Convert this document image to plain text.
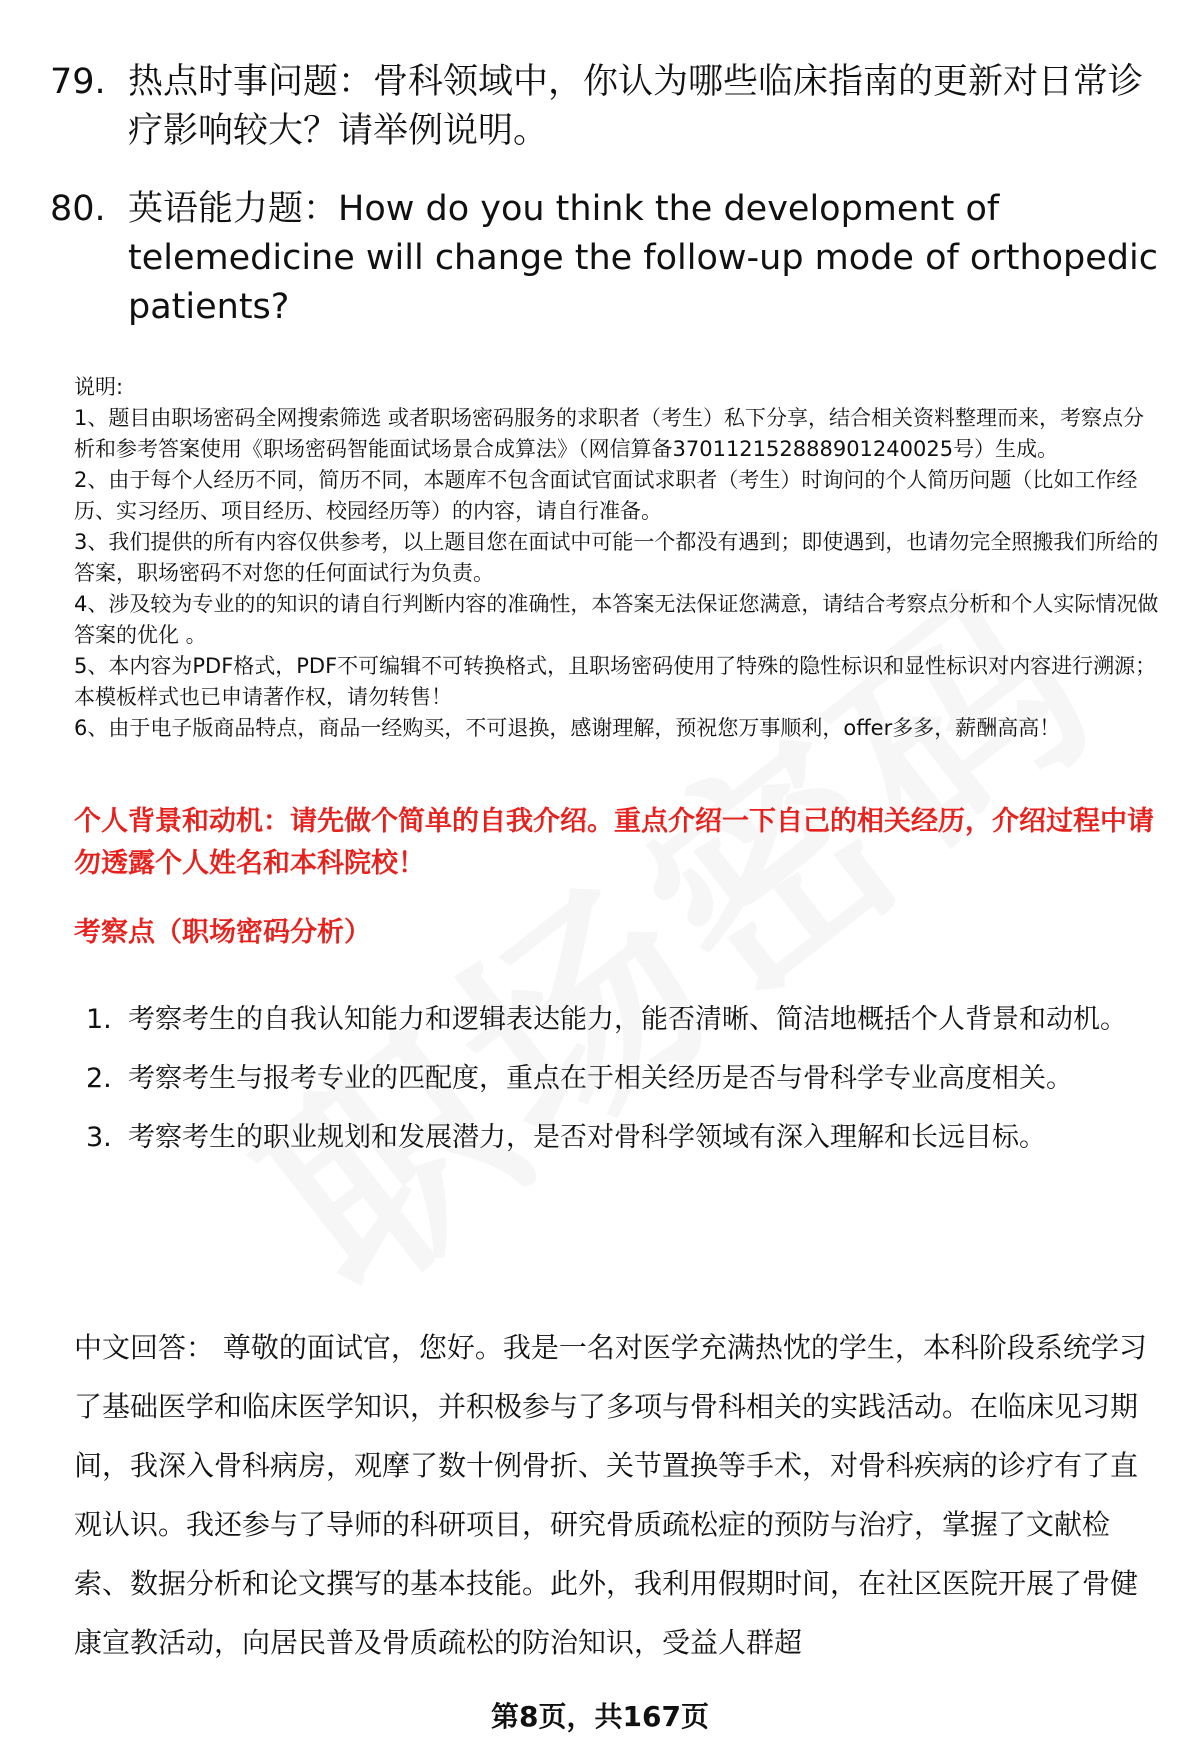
79. 热点时事问题：骨科领域中，你认为哪些临床指南的更新对日常诊疗影响较大？请举例说明。
80. 英语能力题：How do you think the development of telemedicine will change the follow-up mode of orthopedic patients?
说明:
1、题目由职场密码全网搜索筛选 或者职场密码服务的求职者（考生）私下分享，结合相关资料整理而来，考察点分析和参考答案使用《职场密码智能面试场景合成算法》（网信算备370112152888901240025号）生成。
2、由于每个人经历不同，简历不同，本题库不包含面试官面试求职者（考生）时询问的个人简历问题（比如工作经历、实习经历、项目经历、校园经历等）的内容，请自行准备。
3、我们提供的所有内容仅供参考，以上题目您在面试中可能一个都没有遇到；即使遇到，也请勿完全照搬我们所给的答案，职场密码不对您的任何面试行为负责。
4、涉及较为专业的的知识的请自行判断内容的准确性，本答案无法保证您满意，请结合考察点分析和个人实际情况做答案的优化 。
5、本内容为PDF格式，PDF不可编辑不可转换格式，且职场密码使用了特殊的隐性标识和显性标识对内容进行溯源；本模板样式也已申请著作权，请勿转售！
6、由于电子版商品特点，商品一经购买，不可退换，感谢理解，预祝您万事顺利，offer多多，薪酬高高！
个人背景和动机：请先做个简单的自我介绍。重点介绍一下自己的相关经历，介绍过程中请勿透露个人姓名和本科院校！
考察点（职场密码分析）
1. 考察考生的自我认知能力和逻辑表达能力，能否清晰、简洁地概括个人背景和动机。
2. 考察考生与报考专业的匹配度，重点在于相关经历是否与骨科学专业高度相关。
3. 考察考生的职业规划和发展潜力，是否对骨科学领域有深入理解和长远目标。
中文回答： 尊敬的面试官，您好。我是一名对医学充满热忱的学生，本科阶段系统学习了基础医学和临床医学知识，并积极参与了多项与骨科相关的实践活动。在临床见习期间，我深入骨科病房，观摩了数十例骨折、关节置换等手术，对骨科疾病的诊疗有了直观认识。我还参与了导师的科研项目，研究骨质疏松症的预防与治疗，掌握了文献检索、数据分析和论文撰写的基本技能。此外，我利用假期时间，在社区医院开展了骨健康宣教活动，向居民普及骨质疏松的防治知识，受益人群超
第8页，共167页
